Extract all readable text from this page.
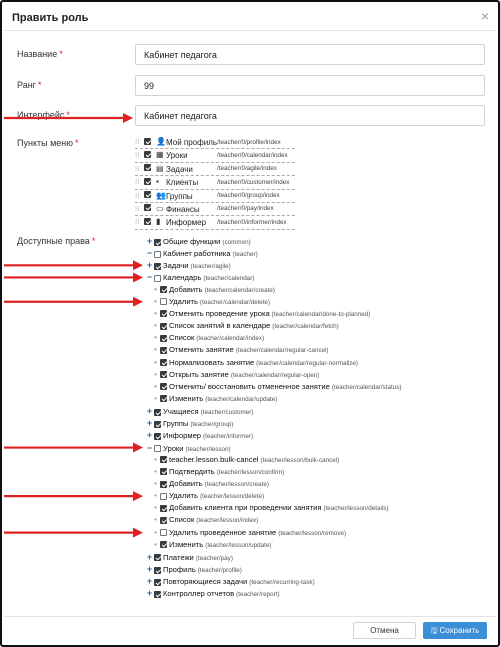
Править роль	×
Название *	Кабинет педагога
Ранг *	99
Интерфейс *	Кабинет педагога
Пункты меню *	⁝⁝ 👤 Мой профиль /teacher/0/profile/index
⁝⁝ ▦ Уроки	/teacher/0/calendar/index
⁝⁝ ▤ Задачи	/teacher/0/agile/index
⁝⁝ ▪ Клиенты	/teacher/0/customer/index
⁝⁝ 👥 Группы	/teacher/0/group/index
⁝⁝ ▭ Финансы	/teacher/0/pay/index
⁝⁝ ▮ Информер /teacher/0/informer/index
Доступные права *	+ Общие функции (common)
− Кабинет работника (teacher)
+ Задачи (teacher/agile)
− Календарь (teacher/calendar)
• Добавить (teacher/calendar/create)
• Удалить (teacher/calendar/delete)
• Отменить проведение урока (teacher/calendar/done-to-planned)
• Список занятий в календаре (teacher/calendar/fetch)
• Список (teacher/calendar/index)
• Отменить занятие (teacher/calendar/regular-cancel)
• Нормализовать занятие (teacher/calendar/regular-normalize)
• Открыть занятие (teacher/calendar/regular-open)
• Отменить/ восстановить отмененное занятие (teacher/calendar/status)
• Изменить (teacher/calendar/update)
+ Учащиеся (teacher/customer)
+ Группы (teacher/group)
+ Информер (teacher/informer)
− Уроки (teacher/lesson)
• teacher.lesson.bulk-cancel (teacher/lesson/bulk-cancel)
• Подтвердить (teacher/lesson/confirm)
• Добавить (teacher/lesson/create)
• Удалить (teacher/lesson/delete)
• Добавить клиента при проведении занятия (teacher/lesson/details)
• Список (teacher/lesson/index)
• Удалить проведенное занятие (teacher/lesson/remove)
• Изменить (teacher/lesson/update)
+ Платежи (teacher/pay)
+ Профиль (teacher/profile)
+ Повторяющиеся задачи (teacher/recurring-task)
+ Контроллер отчетов (teacher/report)
Отмена	🖫 Сохранить
